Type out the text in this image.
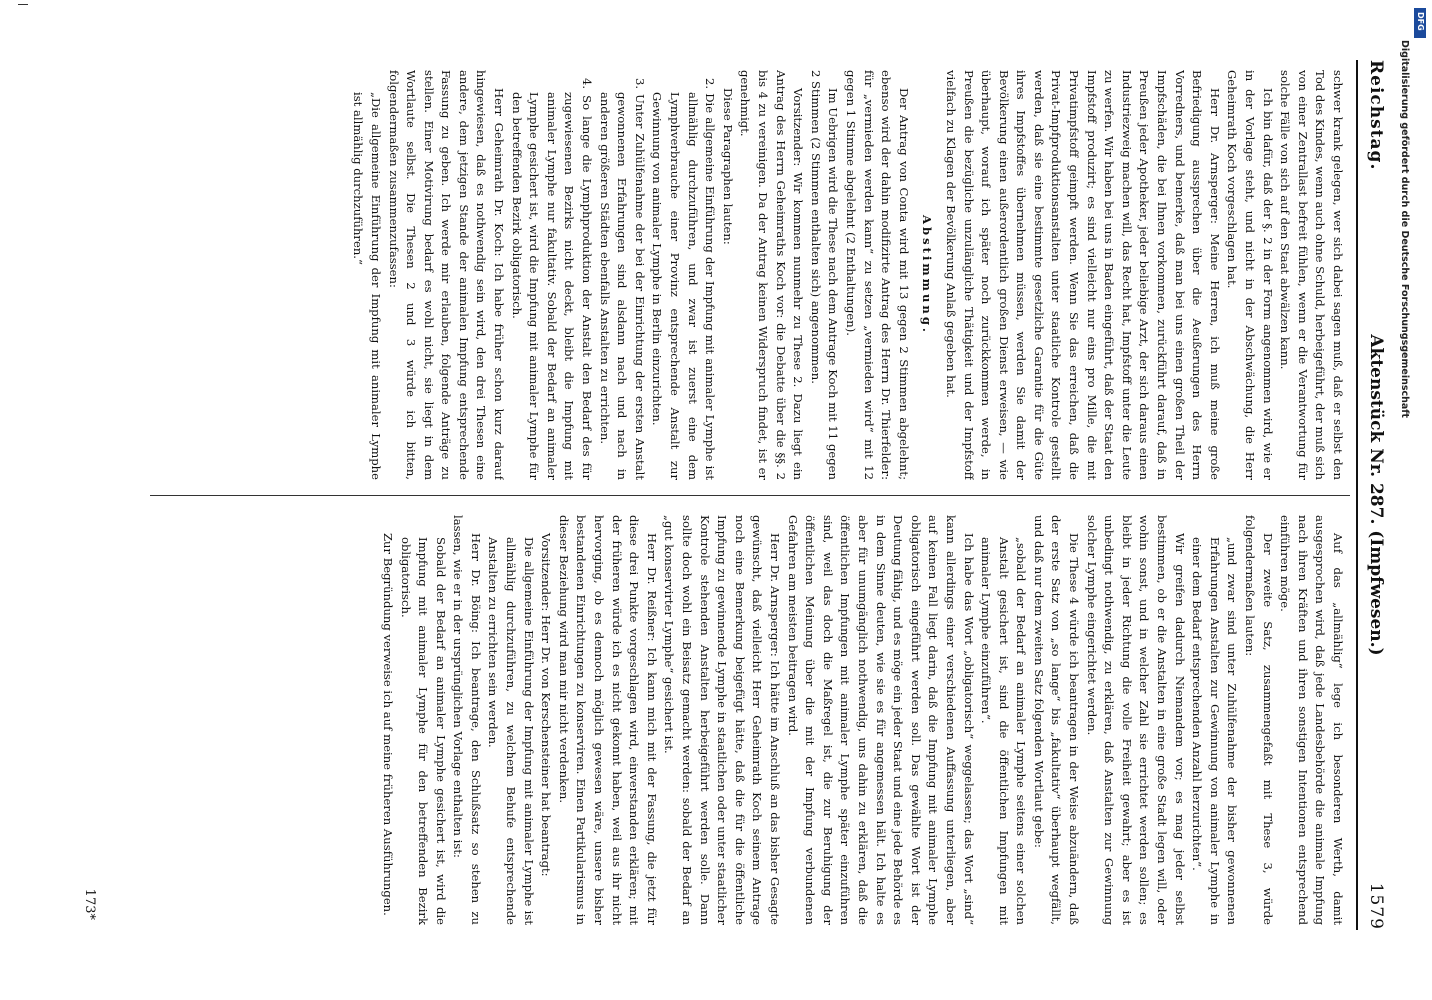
Reichstag.
Aktenstück Nr. 287. (Impfwesen.)
1579

schwer krank gelegen, wer sich dabei sagen muß, daß er selbst den Tod des Kindes, wenn auch ohne Schuld, herbeigeführt, der muß sich von einer Zentrallast befreit fühlen, wenn er die Verantwortung für solche Fälle von sich auf den Staat abwälzen kann.

Ich bin dafür, daß der §. 2 in der Form angenommen wird, wie er in der Vorlage steht, und nicht in der Abschwächung, die Herr Geheimrath Koch vorgeschlagen hat.

Herr Dr. Arnsperger: Meine Herren, ich muß meine große Befriedigung aussprechen über die Aeußerungen des Herrn Vorredners, und bemerke, daß man bei uns einen großen Theil der Impfschäden, die bei Ihnen vorkommen, zurückführt darauf, daß in Preußen jeder Apotheker, jeder beliebige Arzt, der sich daraus einen Industriezweig machen will, das Recht hat, Impfstoff unter die Leute zu werfen. Wir haben bei uns in Baden eingeführt, daß der Staat den Impfstoff produzirt; es sind vielleicht nur eins pro Mille, die mit Privatimpfstoff geimpft werden. Wenn Sie das erreichen, daß die Privat-Impfproduktionsanstalten unter staatliche Kontrole gestellt werden, daß sie eine bestimmte gesetzliche Garantie für die Güte ihres Impfstoffes übernehmen müssen, werden Sie damit der Bevölkerung einen außerordentlich großen Dienst erweisen, — wie überhaupt, worauf ich später noch zurückkommen werde, in Preußen die bezügliche unzulängliche Thätigkeit und der Impfstoff vielfach zu Klagen der Bevölkerung Anlaß gegeben hat.

Abstimmung.

Der Antrag von Conta wird mit 13 gegen 2 Stimmen abgelehnt; ebenso wird der dahin modifizirte Antrag des Herrn Dr. Thierfelder: für „vermieden werden kann“ zu setzen „vermieden wird“ mit 12 gegen 1 Stimme abgelehnt (2 Enthaltungen).

Im Uebrigen wird die These nach dem Antrage Koch mit 11 gegen 2 Stimmen (2 Stimmen enthalten sich) angenommen.

Vorsitzender: Wir kommen nunmehr zu These 2. Dazu liegt ein Antrag des Herrn Geheimraths Koch vor: die Debatte über die §§. 2 bis 4 zu vereinigen. Da der Antrag keinen Widerspruch findet, ist er genehmigt.

Diese Paragraphen lauten:

2. Die allgemeine Einführung der Impfung mit animaler Lymphe ist allmählig durchzuführen, und zwar ist zuerst eine dem Lymphverbrauche einer Provinz entsprechende Anstalt zur Gewinnung von animaler Lymphe in Berlin einzurichten.

3. Unter Zuhülfenahme der bei der Einrichtung der ersten Anstalt gewonnenen Erfahrungen sind alsdann nach und nach in anderen größeren Städten ebenfalls Anstalten zu errichten.

4. So lange die Lymphproduktion der Anstalt den Bedarf des für zugewiesenen Bezirks nicht deckt, bleibt die Impfung mit animaler Lymphe nur fakultativ. Sobald der Bedarf an animaler Lymphe gesichert ist, wird die Impfung mit animaler Lymphe für den betreffenden Bezirk obligatorisch.

Herr Geheimrath Dr. Koch: Ich habe früher schon kurz darauf hingewiesen, daß es nothwendig sein wird, den drei Thesen eine andere, dem jetzigen Stande der animalen Impfung entsprechende Fassung zu geben. Ich werde mir erlauben, folgende Anträge zu stellen. Einer Motivirung bedarf es wohl nicht, sie liegt in dem Wortlaute selbst. Die Thesen 2 und 3 würde ich bitten, folgendermaßen zusammenzufassen:

„Die allgemeine Einführung der Impfung mit animaler Lymphe ist allmählig durchzuführen.“

Auf das „allmählig“ lege ich besonderen Werth, damit ausgesprochen wird, daß jede Landesbehörde die animale Impfung nach ihren Kräften und ihren sonstigen Intentionen entsprechend einführen möge.

Der zweite Satz, zusammengefaßt mit These 3, würde folgendermaßen lauten:

„und zwar sind unter Zuhülfenahme der bisher gewonnenen Erfahrungen Anstalten zur Gewinnung von animaler Lymphe in einer dem Bedarf entsprechenden Anzahl herzurichten“.

Wir greifen dadurch Niemandem vor; es mag jeder selbst bestimmen, ob er die Anstalten in eine große Stadt legen will, oder wohin sonst, und in welcher Zahl sie errichtet werden sollen; es bleibt in jeder Richtung die volle Freiheit gewahrt; aber es ist unbedingt nothwendig, zu erklären, daß Anstalten zur Gewinnung solcher Lymphe eingerichtet werden.

Die These 4 würde ich beantragen in der Weise abzuändern, daß der erste Satz von „so lange“ bis „fakultativ“ überhaupt wegfällt, und daß nur dem zweiten Satz folgenden Wortlaut gebe:

„sobald der Bedarf an animaler Lymphe seitens einer solchen Anstalt gesichert ist, sind die öffentlichen Impfungen mit animaler Lymphe einzuführen“.

Ich habe das Wort „obligatorisch“ weggelassen; das Wort „sind“ kann allerdings einer verschiedenen Auffassung unterliegen, aber auf keinen Fall liegt darin, daß die Impfung mit animaler Lymphe obligatorisch eingeführt werden soll. Das gewählte Wort ist der Deutung fähig, und es möge ein jeder Staat und eine jede Behörde es in dem Sinne deuten, wie sie es für angemessen hält. Ich halte es aber für unumgänglich nothwendig, uns dahin zu erklären, daß die öffentlichen Impfungen mit animaler Lymphe später einzuführen sind, weil das doch die Maßregel ist, die zur Beruhigung der öffentlichen Meinung über die mit der Impfung verbundenen Gefahren am meisten beitragen wird.

Herr Dr. Arnsperger: Ich hätte im Anschluß an das bisher Gesagte gewünscht, daß vielleicht Herr Geheimrath Koch seinem Antrage noch eine Bemerkung beigefügt hätte, daß die für die öffentliche Impfung zu gewinnende Lymphe in staatlichen oder unter staatlicher Kontrole stehenden Anstalten herbeigeführt werden solle. Dann sollte doch wohl ein Beisatz gemacht werden: sobald der Bedarf an „gut konservirter Lymphe“ gesichert ist.

Herr Dr. Reißner: Ich kann mich mit der Fassung, die jetzt für diese drei Punkte vorgeschlagen wird, einverstanden erklären; mit der früheren würde ich es nicht gekonnt haben, weil aus ihr nicht hervorging, ob es dennoch möglich gewesen wäre, unsere bisher bestandenen Einrichtungen zu konserviren. Einen Partikularismus in dieser Beziehung wird man mir nicht verdenken.

Vorsitzender: Herr Dr. von Kerschensteiner hat beantragt:

Die allgemeine Einführung der Impfung mit animaler Lymphe ist allmählig durchzuführen, zu welchem Behufe entsprechende Anstalten zu errichten sein werden.

Herr Dr. Böing: Ich beantrage, den Schlußsatz so stehen zu lassen, wie er in der ursprünglichen Vorlage enthalten ist:

Sobald der Bedarf an animaler Lymphe gesichert ist, wird die Impfung mit animaler Lymphe für den betreffenden Bezirk obligatorisch.

Zur Begründung verweise ich auf meine früheren Ausführungen.

173*
DFG
Digitalisierung gefördert durch die Deutsche Forschungsgemeinschaft
